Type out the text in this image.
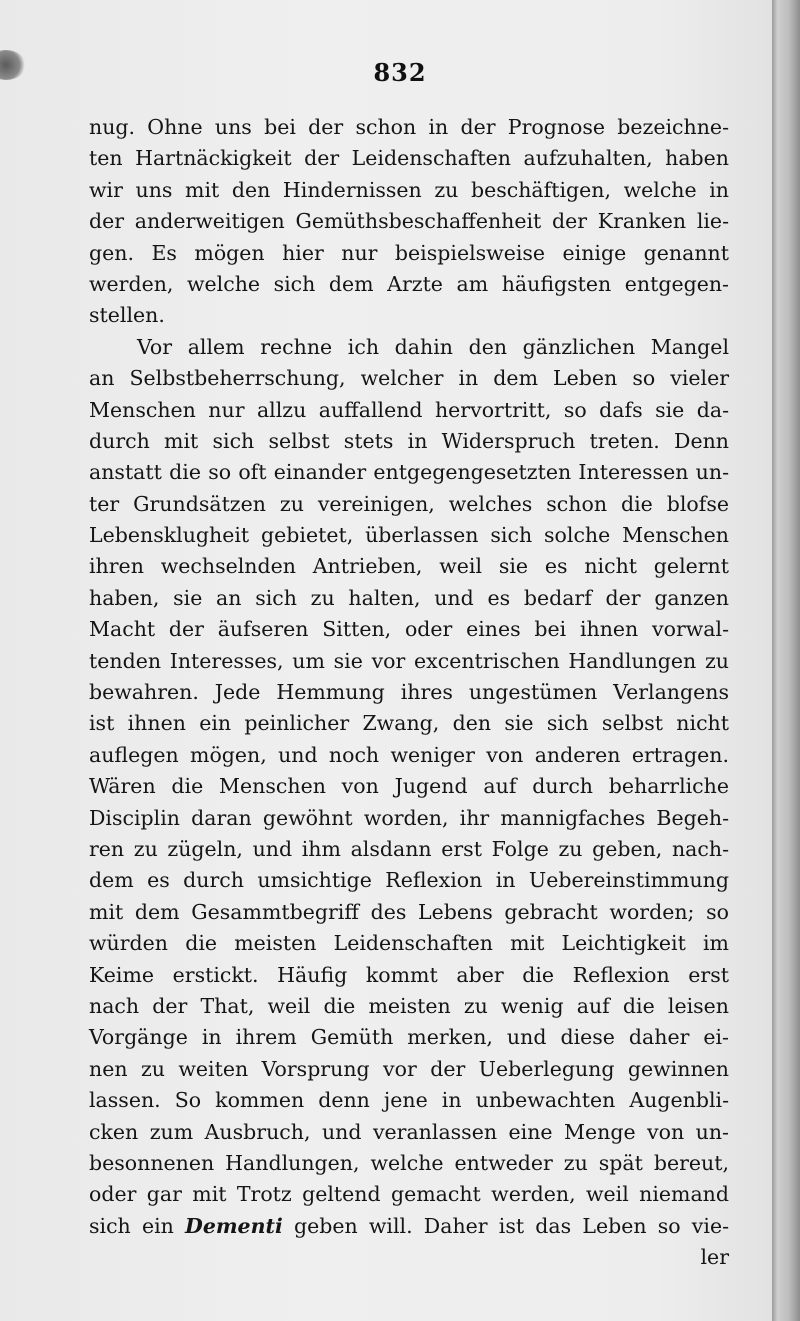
832
nug. Ohne uns bei der schon in der Prognose bezeichne-
ten Hartnäckigkeit der Leidenschaften aufzuhalten, haben
wir uns mit den Hindernissen zu beschäftigen, welche in
der anderweitigen Gemüthsbeschaffenheit der Kranken lie-
gen. Es mögen hier nur beispielsweise einige genannt
werden, welche sich dem Arzte am häufigsten entgegen-
stellen.
Vor allem rechne ich dahin den gänzlichen Mangel
an Selbstbeherrschung, welcher in dem Leben so vieler
Menschen nur allzu auffallend hervortritt, so dafs sie da-
durch mit sich selbst stets in Widerspruch treten. Denn
anstatt die so oft einander entgegengesetzten Interessen un-
ter Grundsätzen zu vereinigen, welches schon die blofse
Lebensklugheit gebietet, überlassen sich solche Menschen
ihren wechselnden Antrieben, weil sie es nicht gelernt
haben, sie an sich zu halten, und es bedarf der ganzen
Macht der äufseren Sitten, oder eines bei ihnen vorwal-
tenden Interesses, um sie vor excentrischen Handlungen zu
bewahren. Jede Hemmung ihres ungestümen Verlangens
ist ihnen ein peinlicher Zwang, den sie sich selbst nicht
auflegen mögen, und noch weniger von anderen ertragen.
Wären die Menschen von Jugend auf durch beharrliche
Disciplin daran gewöhnt worden, ihr mannigfaches Begeh-
ren zu zügeln, und ihm alsdann erst Folge zu geben, nach-
dem es durch umsichtige Reflexion in Uebereinstimmung
mit dem Gesammtbegriff des Lebens gebracht worden; so
würden die meisten Leidenschaften mit Leichtigkeit im
Keime erstickt. Häufig kommt aber die Reflexion erst
nach der That, weil die meisten zu wenig auf die leisen
Vorgänge in ihrem Gemüth merken, und diese daher ei-
nen zu weiten Vorsprung vor der Ueberlegung gewinnen
lassen. So kommen denn jene in unbewachten Augenbli-
cken zum Ausbruch, und veranlassen eine Menge von un-
besonnenen Handlungen, welche entweder zu spät bereut,
oder gar mit Trotz geltend gemacht werden, weil niemand
sich ein Dementi geben will. Daher ist das Leben so vie-
ler
